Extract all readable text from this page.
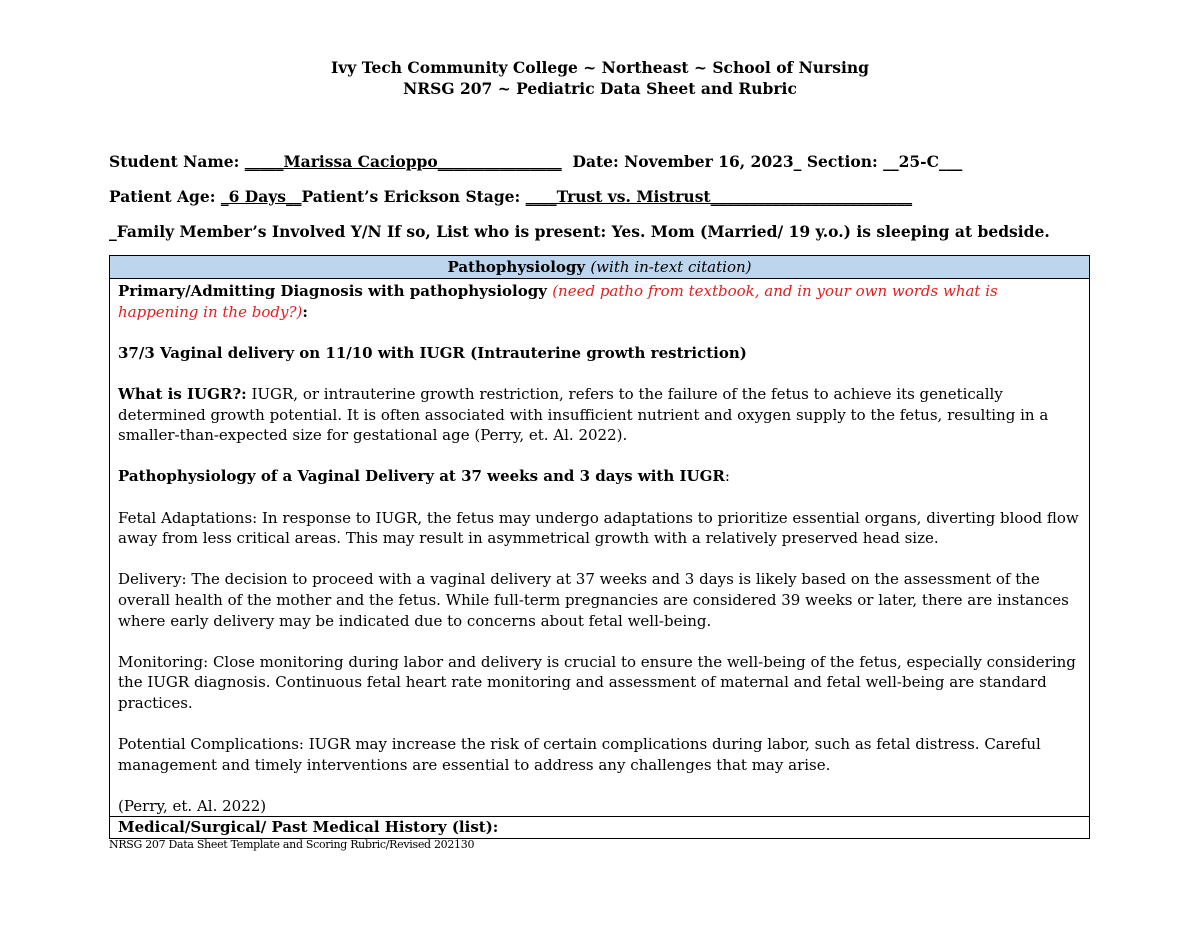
Ivy Tech Community College ~ Northeast ~ School of Nursing
NRSG 207 ~ Pediatric Data Sheet and Rubric
Student Name: _____Marissa Cacioppo________________  Date: November 16, 2023_ Section: __25-C___
Patient Age: _6 Days__Patient’s Erickson Stage: ____Trust vs. Mistrust__________________________
_Family Member’s Involved Y/N If so, List who is present: Yes. Mom (Married/ 19 y.o.) is sleeping at bedside.
Pathophysiology (with in-text citation)

Primary/Admitting Diagnosis with pathophysiology (need patho from textbook, and in your own words what is happening in the body?):

37/3 Vaginal delivery on 11/10 with IUGR (Intrauterine growth restriction)

What is IUGR?: IUGR, or intrauterine growth restriction, refers to the failure of the fetus to achieve its genetically determined growth potential. It is often associated with insufficient nutrient and oxygen supply to the fetus, resulting in a smaller-than-expected size for gestational age (Perry, et. Al. 2022).

Pathophysiology of a Vaginal Delivery at 37 weeks and 3 days with IUGR:

Fetal Adaptations: In response to IUGR, the fetus may undergo adaptations to prioritize essential organs, diverting blood flow away from less critical areas. This may result in asymmetrical growth with a relatively preserved head size.

Delivery: The decision to proceed with a vaginal delivery at 37 weeks and 3 days is likely based on the assessment of the overall health of the mother and the fetus. While full-term pregnancies are considered 39 weeks or later, there are instances where early delivery may be indicated due to concerns about fetal well-being.

Monitoring: Close monitoring during labor and delivery is crucial to ensure the well-being of the fetus, especially considering the IUGR diagnosis. Continuous fetal heart rate monitoring and assessment of maternal and fetal well-being are standard practices.

Potential Complications: IUGR may increase the risk of certain complications during labor, such as fetal distress. Careful management and timely interventions are essential to address any challenges that may arise.

(Perry, et. Al. 2022)

Medical/Surgical/ Past Medical History (list):
NRSG 207 Data Sheet Template and Scoring Rubric/Revised 202130
